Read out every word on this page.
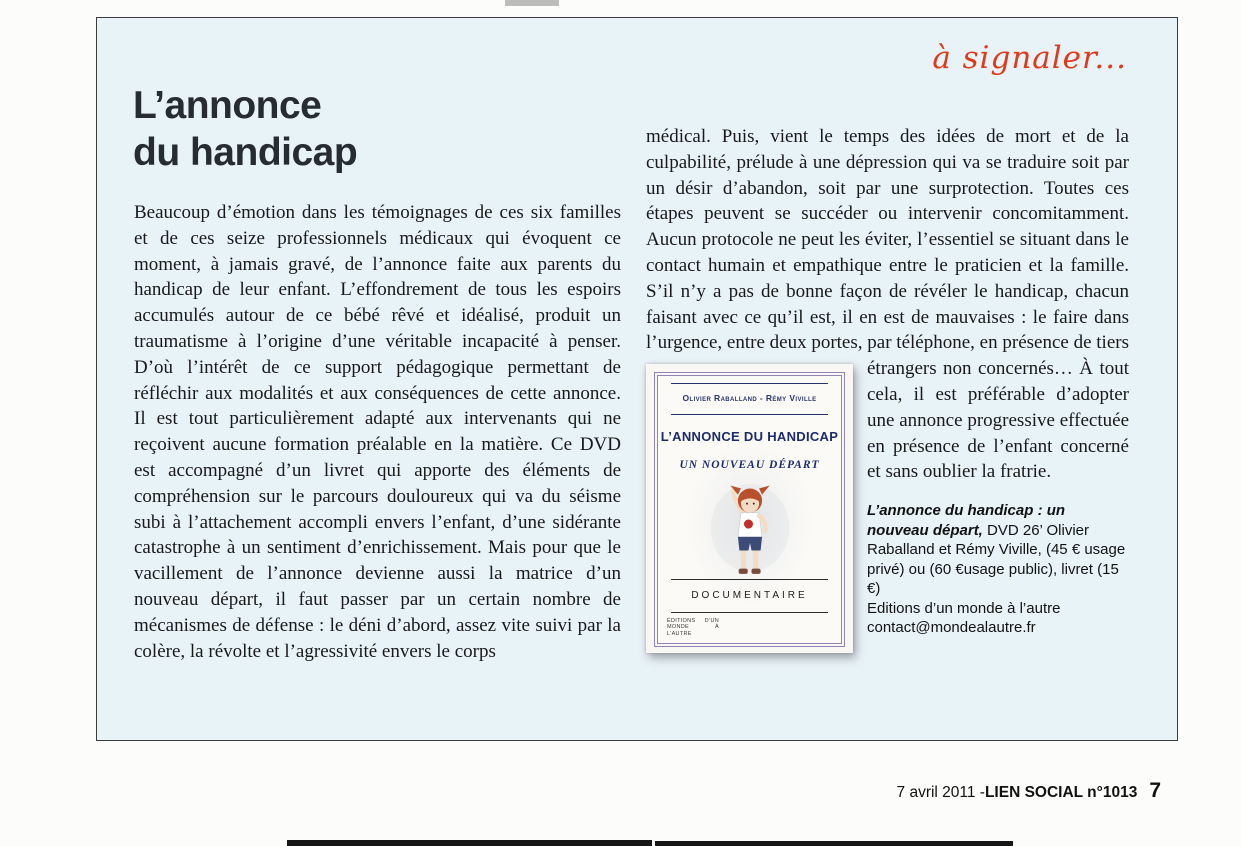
à signaler...
L’annonce
du handicap

Beaucoup d’émotion dans les témoignages de ces six familles et de ces seize professionnels médicaux qui évoquent ce moment, à jamais gravé, de l’annonce faite aux parents du handicap de leur enfant. L’effondrement de tous les espoirs accumulés autour de ce bébé rêvé et idéalisé, produit un traumatisme à l’origine d’une véritable incapacité à penser. D’où l’intérêt de ce support pédagogique permettant de réfléchir aux modalités et aux conséquences de cette annonce. Il est tout particulièrement adapté aux intervenants qui ne reçoivent aucune formation préalable en la matière. Ce DVD est accompagné d’un livret qui apporte des éléments de compréhension sur le parcours douloureux qui va du séisme subi à l’attachement accompli envers l’enfant, d’une sidérante catastrophe à un sentiment d’enrichissement. Mais pour que le vacillement de l’annonce devienne aussi la matrice d’un nouveau départ, il faut passer par un certain nombre de mécanismes de défense : le déni d’abord, assez vite suivi par la colère, la révolte et l’agressivité envers le corps

médical. Puis, vient le temps des idées de mort et de la culpabilité, prélude à une dépression qui va se traduire soit par un désir d’abandon, soit par une surprotection. Toutes ces étapes peuvent se succéder ou intervenir concomitamment. Aucun protocole ne peut les éviter, l’essentiel se situant dans le contact humain et empathique entre le praticien et la famille. S’il n’y a pas de bonne façon de révéler le handicap, chacun faisant avec ce qu’il est, il en est de mauvaises : le faire dans l’urgence, entre deux portes, par téléphone, en présence de tiers étrangers non concernés… À tout
Olivier Raballand - Rémy Viville
L’ANNONCE DU HANDICAP
UN NOUVEAU DÉPART
DOCUMENTAIRE
ÉDITIONS D’UN MONDE À L’AUTRE
cela, il est préférable d’adopter une annonce progressive effectuée en présence de l’enfant concerné et sans oublier la fratrie.

L’annonce du handicap : un nouveau départ, DVD 26’ Olivier Raballand et Rémy Viville, (45 € usage privé) ou (60 €usage public), livret (15 €)
Editions d’un monde à l’autre
contact@mondealautre.fr
7 avril 2011 - LIEN SOCIAL n°1013 7
